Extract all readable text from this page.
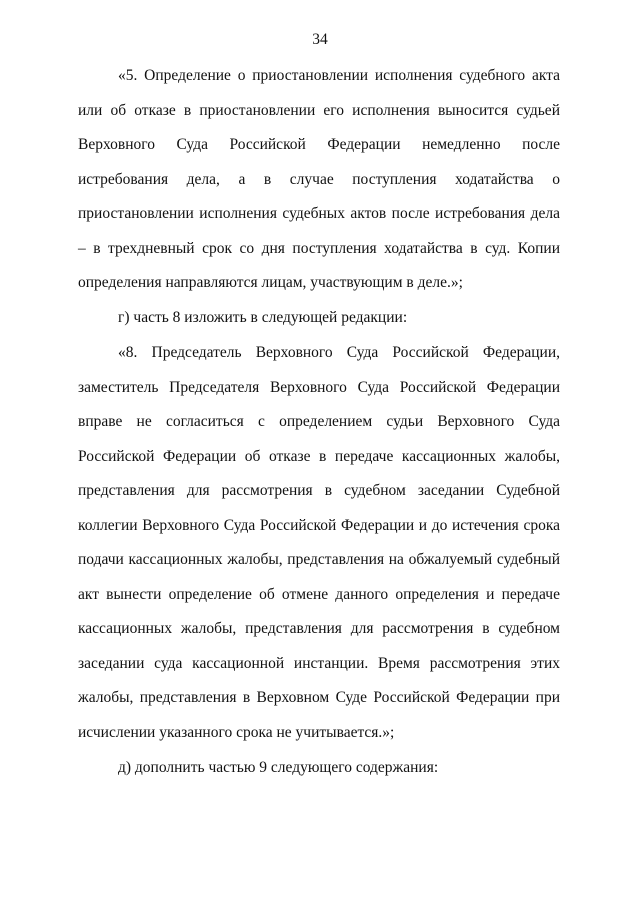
34
«5. Определение о приостановлении исполнения судебного акта или об отказе в приостановлении его исполнения выносится судьей Верховного Суда Российской Федерации немедленно после истребования дела, а в случае поступления ходатайства о приостановлении исполнения судебных актов после истребования дела – в трехдневный срок со дня поступления ходатайства в суд. Копии определения направляются лицам, участвующим в деле.»;
г) часть 8 изложить в следующей редакции:
«8. Председатель Верховного Суда Российской Федерации, заместитель Председателя Верховного Суда Российской Федерации вправе не согласиться с определением судьи Верховного Суда Российской Федерации об отказе в передаче кассационных жалобы, представления для рассмотрения в судебном заседании Судебной коллегии Верховного Суда Российской Федерации и до истечения срока подачи кассационных жалобы, представления на обжалуемый судебный акт вынести определение об отмене данного определения и передаче кассационных жалобы, представления для рассмотрения в судебном заседании суда кассационной инстанции. Время рассмотрения этих жалобы, представления в Верховном Суде Российской Федерации при исчислении указанного срока не учитывается.»;
д) дополнить частью 9 следующего содержания:
